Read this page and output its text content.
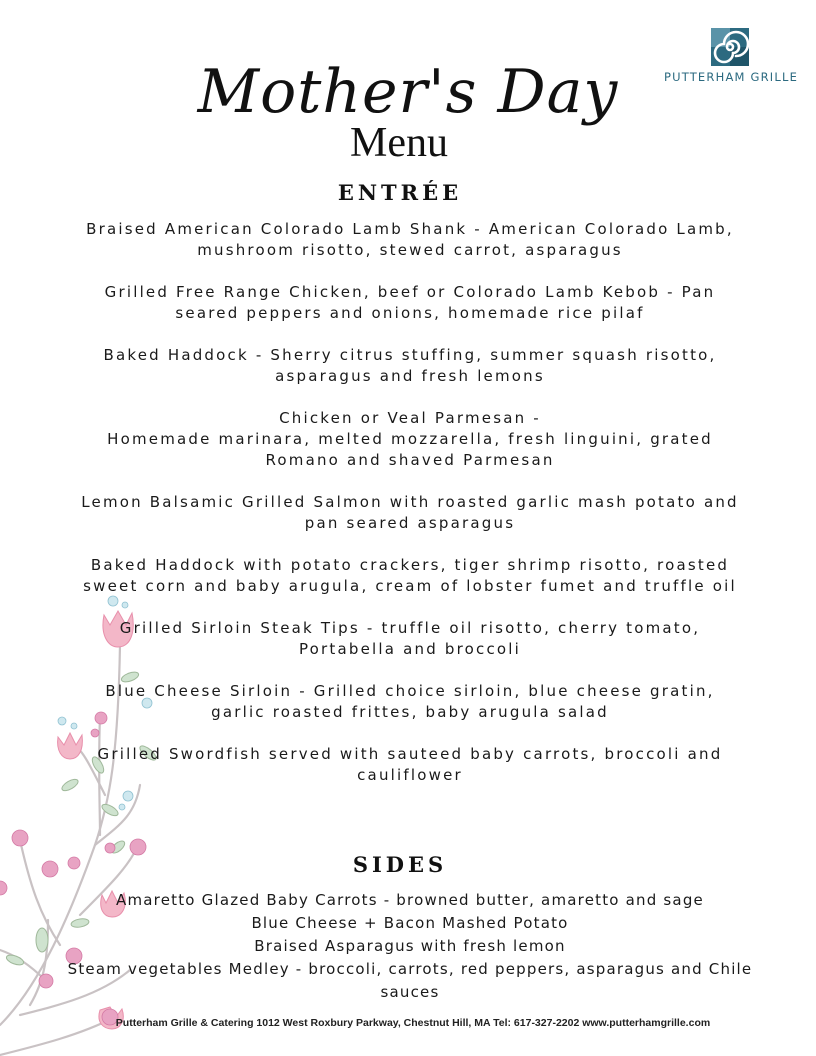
PUTTERHAM GRILLE
Mother's Day
Menu
ENTRÉE
Braised American Colorado Lamb Shank - American Colorado Lamb, mushroom risotto, stewed carrot, asparagus
Grilled Free Range Chicken, beef or Colorado Lamb Kebob - Pan seared peppers and onions, homemade rice pilaf
Baked Haddock - Sherry citrus stuffing, summer squash risotto, asparagus and fresh lemons
Chicken or Veal Parmesan -
Homemade marinara, melted mozzarella, fresh linguini, grated Romano and shaved Parmesan
Lemon Balsamic Grilled Salmon with roasted garlic mash potato and pan seared asparagus
Baked Haddock with potato crackers, tiger shrimp risotto, roasted sweet corn and baby arugula, cream of lobster fumet and truffle oil
Grilled Sirloin Steak Tips - truffle oil risotto, cherry tomato, Portabella and broccoli
Blue Cheese Sirloin - Grilled choice sirloin, blue cheese gratin, garlic roasted frittes, baby arugula salad
Grilled Swordfish served with sauteed baby carrots, broccoli and cauliflower
SIDES
Amaretto Glazed Baby Carrots - browned butter, amaretto and sage
Blue Cheese + Bacon Mashed Potato
Braised Asparagus with fresh lemon
Steam vegetables Medley - broccoli, carrots, red peppers, asparagus and Chile sauces
Putterham Grille & Catering 1012 West Roxbury Parkway, Chestnut Hill, MA Tel: 617-327-2202 www.putterhamgrille.com
